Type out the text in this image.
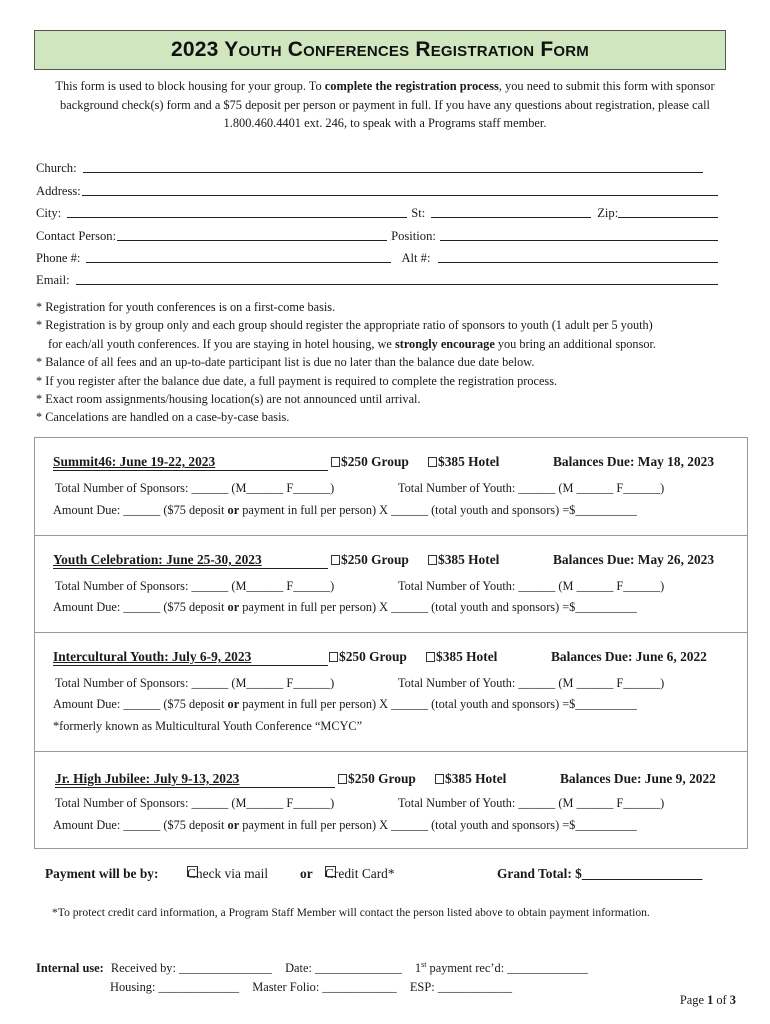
2023 Youth Conferences Registration Form
This form is used to block housing for your group. To complete the registration process, you need to submit this form with sponsor background check(s) form and a $75 deposit per person or payment in full. If you have any questions about registration, please call 1.800.460.4401 ext. 246, to speak with a Programs staff member.
Church:
Address:
City:	St:	Zip:
Contact Person:	Position:
Phone #:	Alt #:
Email:
* Registration for youth conferences is on a first-come basis.
* Registration is by group only and each group should register the appropriate ratio of sponsors to youth (1 adult per 5 youth)
for each/all youth conferences. If you are staying in hotel housing, we strongly encourage you bring an additional sponsor.
* Balance of all fees and an up-to-date participant list is due no later than the balance due date below.
* If you register after the balance due date, a full payment is required to complete the registration process.
* Exact room assignments/housing location(s) are not announced until arrival.
* Cancelations are handled on a case-by-case basis.
Summit46: June 19-22, 2023	$250 Group	$385 Hotel	Balances Due: May 18, 2023
Total Number of Sponsors: ______ (M______ F______)	Total Number of Youth: ______ (M ______ F______)
Amount Due: ______ ($75 deposit or payment in full per person) X ______ (total youth and sponsors) =$__________
Youth Celebration: June 25-30, 2023	$250 Group	$385 Hotel	Balances Due: May 26, 2023
Total Number of Sponsors: ______ (M______ F______)	Total Number of Youth: ______ (M ______ F______)
Amount Due: ______ ($75 deposit or payment in full per person) X ______ (total youth and sponsors) =$__________
Intercultural Youth: July 6-9, 2023	$250 Group	$385 Hotel	Balances Due: June 6, 2022
Total Number of Sponsors: ______ (M______ F______)	Total Number of Youth: ______ (M ______ F______)
Amount Due: ______ ($75 deposit or payment in full per person) X ______ (total youth and sponsors) =$__________
*formerly known as Multicultural Youth Conference “MCYC”
Jr. High Jubilee: July 9-13, 2023	$250 Group	$385 Hotel	Balances Due: June 9, 2022
Total Number of Sponsors: ______ (M______ F______)	Total Number of Youth: ______ (M ______ F______)
Amount Due: ______ ($75 deposit or payment in full per person) X ______ (total youth and sponsors) =$__________
Payment will be by: Check via mail or Credit Card*	Grand Total: $__________________
*To protect credit card information, a Program Staff Member will contact the person listed above to obtain payment information.
Internal use: Received by: _______________ Date: ______________ 1st payment rec’d: _____________
Housing: _____________ Master Folio: ____________ ESP: ____________
Page 1 of 3
